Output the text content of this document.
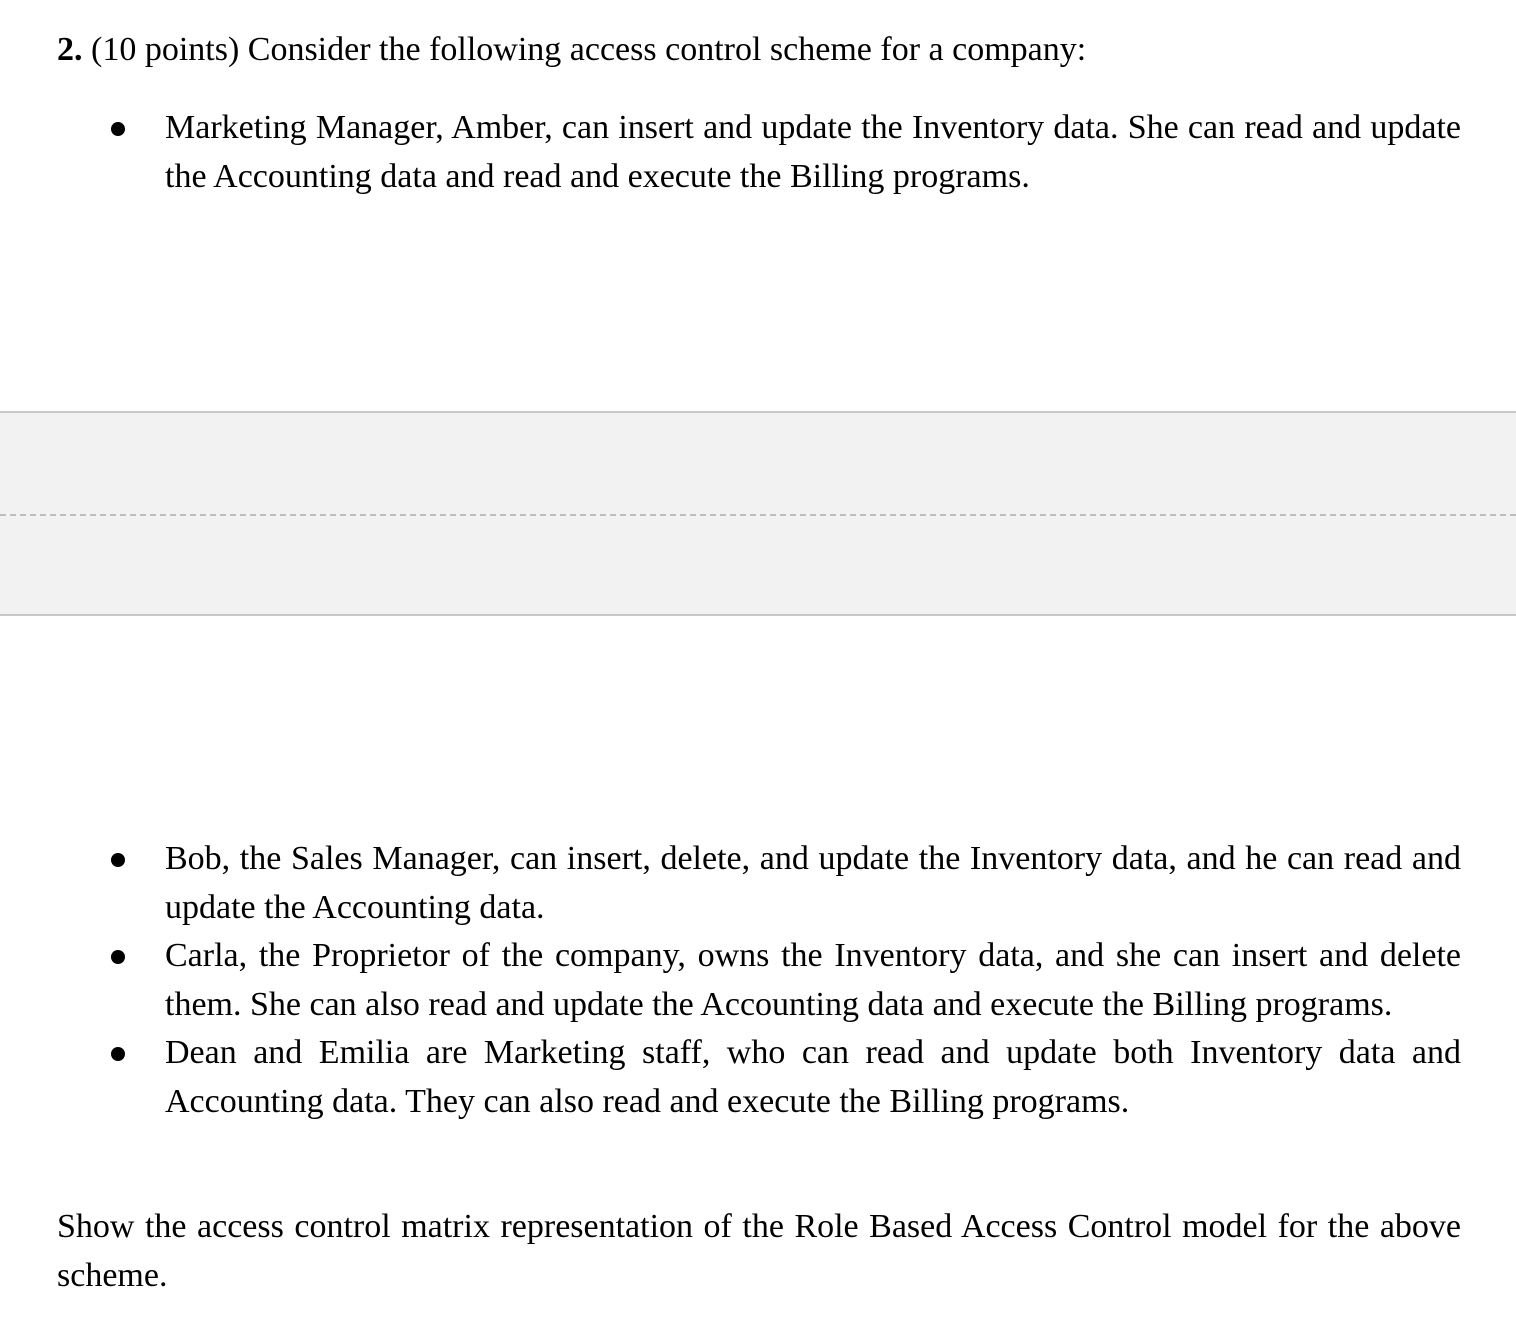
2. (10 points) Consider the following access control scheme for a company:
Marketing Manager, Amber, can insert and update the Inventory data. She can read and update the Accounting data and read and execute the Billing programs.
Bob, the Sales Manager, can insert, delete, and update the Inventory data, and he can read and update the Accounting data.
Carla, the Proprietor of the company, owns the Inventory data, and she can insert and delete them. She can also read and update the Accounting data and execute the Billing programs.
Dean and Emilia are Marketing staff, who can read and update both Inventory data and Accounting data. They can also read and execute the Billing programs.
Show the access control matrix representation of the Role Based Access Control model for the above scheme.
